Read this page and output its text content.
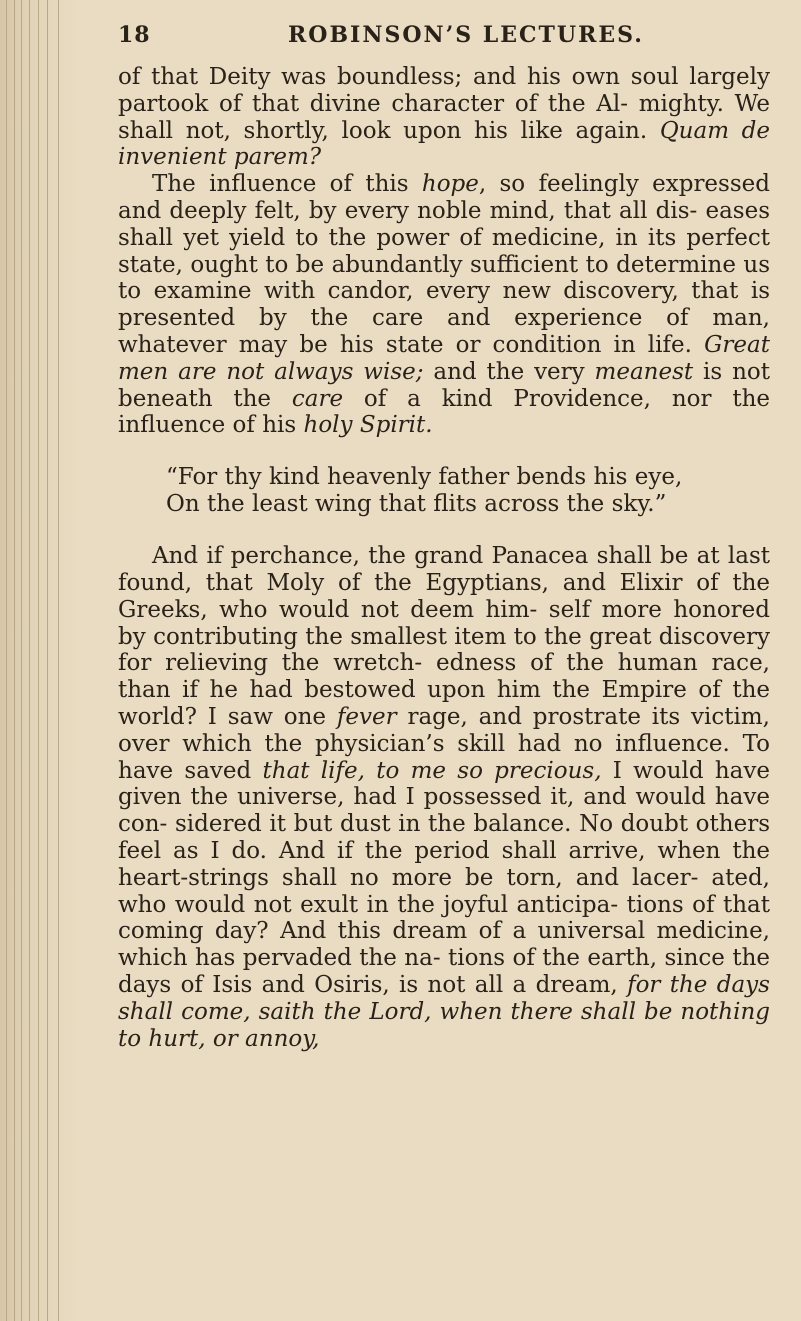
18	ROBINSON’S LECTURES.

of that Deity was boundless; and his own soul largely partook of that divine character of the Al- mighty. We shall not, shortly, look upon his like again. Quam de invenient parem?

The influence of this hope, so feelingly expressed and deeply felt, by every noble mind, that all dis- eases shall yet yield to the power of medicine, in its perfect state, ought to be abundantly sufficient to determine us to examine with candor, every new discovery, that is presented by the care and experience of man, whatever may be his state or condition in life. Great men are not always wise; and the very meanest is not beneath the care of a kind Providence, nor the influence of his holy Spirit.

“For thy kind heavenly father bends his eye,
On the least wing that flits across the sky.”

And if perchance, the grand Panacea shall be at last found, that Moly of the Egyptians, and Elixir of the Greeks, who would not deem him- self more honored by contributing the smallest item to the great discovery for relieving the wretch- edness of the human race, than if he had bestowed upon him the Empire of the world? I saw one fever rage, and prostrate its victim, over which the physician’s skill had no influence. To have saved that life, to me so precious, I would have given the universe, had I possessed it, and would have con- sidered it but dust in the balance. No doubt others feel as I do. And if the period shall arrive, when the heart-strings shall no more be torn, and lacer- ated, who would not exult in the joyful anticipa- tions of that coming day? And this dream of a universal medicine, which has pervaded the na- tions of the earth, since the days of Isis and Osiris, is not all a dream, for the days shall come, saith the Lord, when there shall be nothing to hurt, or annoy,
